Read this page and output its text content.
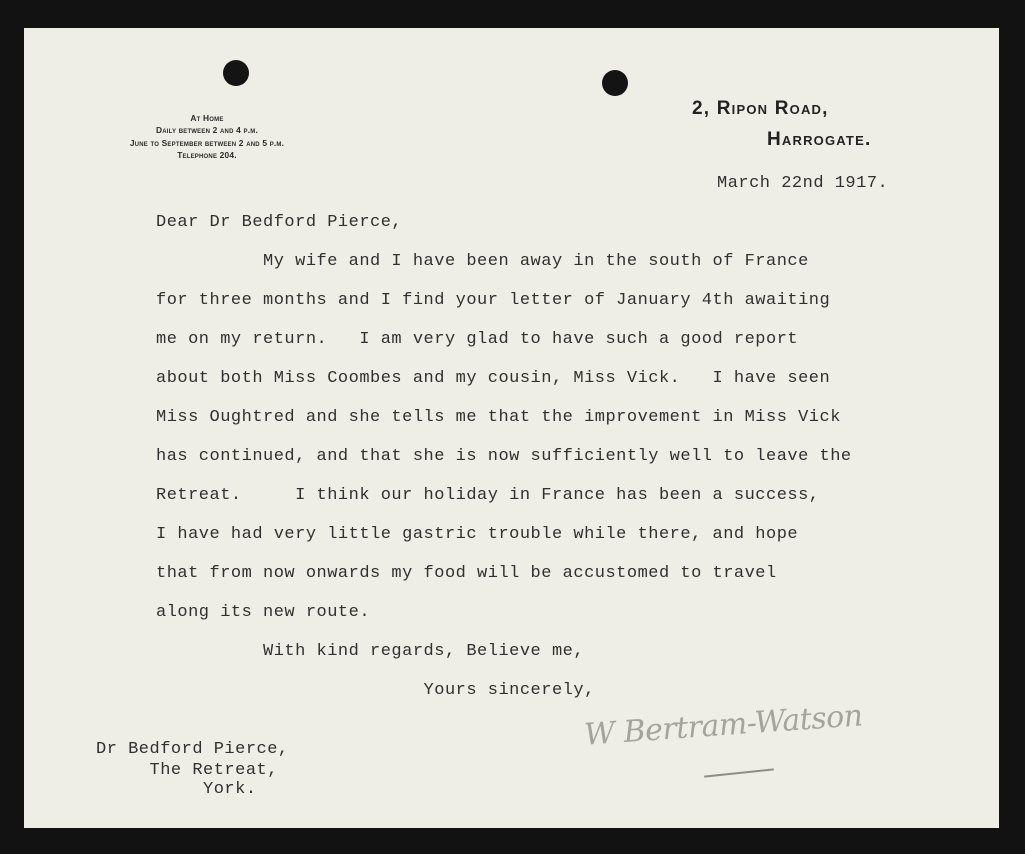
At Home
Daily between 2 and 4 p.m.
June to September between 2 and 5 p.m.
Telephone 204.
2, Ripon Road,
Harrogate.
March 22nd 1917.
Dear Dr Bedford Pierce,
My wife and I have been away in the south of France
for three months and I find your letter of January 4th awaiting
me on my return.   I am very glad to have such a good report
about both Miss Coombes and my cousin, Miss Vick.   I have seen
Miss Oughtred and she tells me that the improvement in Miss Vick
has continued, and that she is now sufficiently well to leave the
Retreat.     I think our holiday in France has been a success,
I have had very little gastric trouble while there, and hope
that from now onwards my food will be accustomed to travel
along its new route.
With kind regards, Believe me,
Yours sincerely,
W Bertram-Watson
Dr Bedford Pierce,
The Retreat,
York.
